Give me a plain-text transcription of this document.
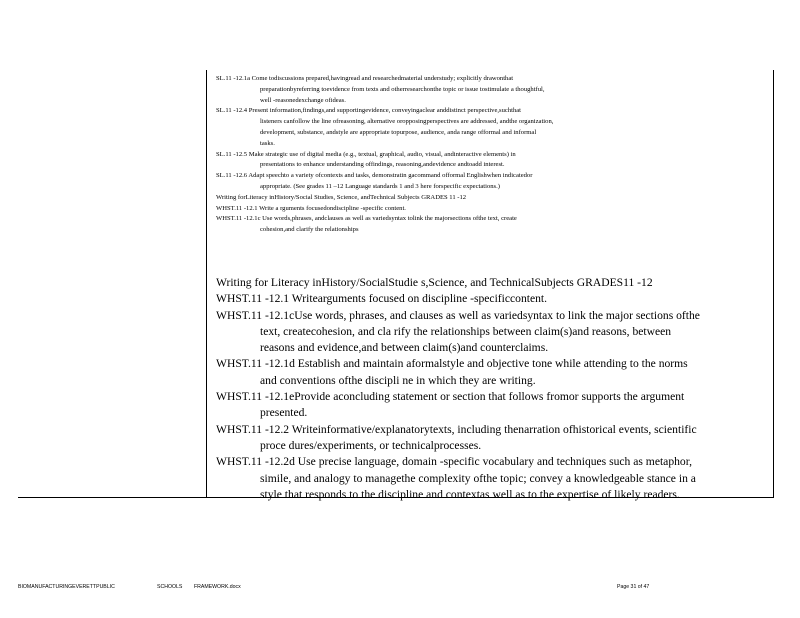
SL.11 -12.1a Come todiscussions prepared,havingread and researchedmaterial understudy; explicitly drawonthat
preparationbyreferring toevidence from texts and otherresearchonthe topic or issue tostimulate a thoughtful,
well -reasonedexchange ofideas.
SL.11 -12.4 Present information,findings,and supportingevidence, conveyingaclear anddistinct perspective,suchthat
listeners canfollow the line ofreasoning, alternative oropposingperspectives are addressed, andthe organization,
development, substance, andstyle are appropriate topurpose, audience, anda range offormal and informal
tasks.
SL.11 -12.5 Make strategic use of digital media (e.g., textual, graphical, audio, visual, andinteractive elements) in
presentations to enhance understanding offindings, reasoning,andevidence andtoadd interest.
SL.11 -12.6 Adapt speechto a variety ofcontexts and tasks, demonstratin gacommand offormal Englishwhen indicatedor
appropriate. (See grades 11 –12 Language standards 1 and 3 here forspecific expectations.)
Writing forLiteracy inHistory/Social Studies, Science, andTechnical Subjects GRADES 11 -12
WHST.11 -12.1 Write a rguments focusedondiscipline -specific content.
WHST.11 -12.1c Use words,phrases, andclauses as well as variedsyntax tolink the majorsections ofthe text, create
cohesion,and clarify the relationships
Writing for Literacy inHistory/SocialStudie s,Science, and TechnicalSubjects GRADES11 -12
WHST.11 -12.1 Writearguments focused on discipline -specificcontent.
WHST.11 -12.1cUse words, phrases, and clauses as well as variedsyntax to link the major sections ofthe
text, createcohesion, and cla rify the relationships between claim(s)and reasons, between
reasons and evidence,and between claim(s)and counterclaims.
WHST.11 -12.1d Establish and maintain aformalstyle and objective tone while attending to the norms
and conventions ofthe discipli ne in which they are writing.
WHST.11 -12.1eProvide aconcluding statement or section that follows fromor supports the argument
presented.
WHST.11 -12.2 Writeinformative/explanatorytexts, including thenarration ofhistorical events, scientific
proce dures/experiments, or technicalprocesses.
WHST.11 -12.2d Use precise language, domain -specific vocabulary and techniques such as metaphor,
simile, and analogy to managethe complexity ofthe topic; convey a knowledgeable stance in a
style that responds to the discipline and contextas well as to the expertise of likely readers.
BIOMANUFACTURINGEVERETTPUBLIC	SCHOOLS FRAMEWORK.docx	Page 31 of 47
